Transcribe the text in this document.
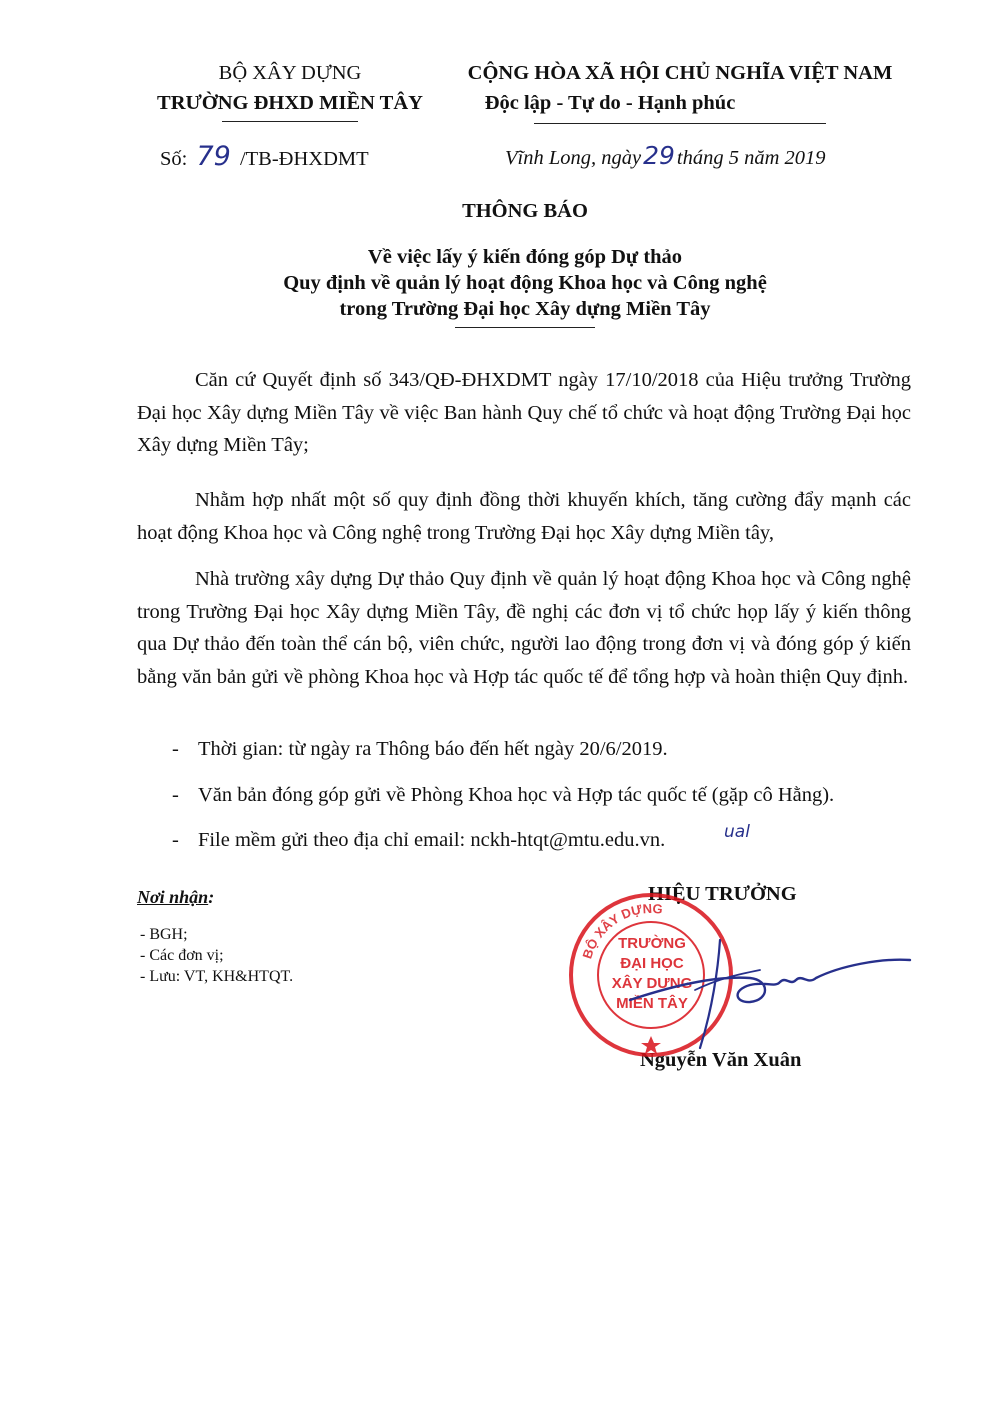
BỘ XÂY DỰNG
TRƯỜNG ĐHXD MIỀN TÂY
Số: 79 /TB-ĐHXDMT
CỘNG HÒA XÃ HỘI CHỦ NGHĨA VIỆT NAM
Độc lập - Tự do - Hạnh phúc
Vĩnh Long, ngày29tháng 5 năm 2019
THÔNG BÁO
Về việc lấy ý kiến đóng góp Dự thảo
Quy định về quản lý hoạt động Khoa học và Công nghệ
trong Trường Đại học Xây dựng Miền Tây
Căn cứ Quyết định số 343/QĐ-ĐHXDMT ngày 17/10/2018 của Hiệu trưởng Trường Đại học Xây dựng Miền Tây về việc Ban hành Quy chế tổ chức và hoạt động Trường Đại học Xây dựng Miền Tây;
Nhằm hợp nhất một số quy định đồng thời khuyến khích, tăng cường đẩy mạnh các hoạt động Khoa học và Công nghệ trong Trường Đại học Xây dựng Miền tây,
Nhà trường xây dựng Dự thảo Quy định về quản lý hoạt động Khoa học và Công nghệ trong Trường Đại học Xây dựng Miền Tây, đề nghị các đơn vị tổ chức họp lấy ý kiến thông qua Dự thảo đến toàn thể cán bộ, viên chức, người lao động trong đơn vị và đóng góp ý kiến bằng văn bản gửi về phòng Khoa học và Hợp tác quốc tế để tổng hợp và hoàn thiện Quy định.
- Thời gian: từ ngày ra Thông báo đến hết ngày 20/6/2019.
- Văn bản đóng góp gửi về Phòng Khoa học và Hợp tác quốc tế (gặp cô Hằng).
- File mềm gửi theo địa chỉ email: nckh-htqt@mtu.edu.vn.	ual
Nơi nhận:
- BGH;
- Các đơn vị;
- Lưu: VT, KH&HTQT.
HIỆU TRƯỞNG
Nguyễn Văn Xuân
BỘ XÂY DỰNG
TRƯỜNG
ĐẠI HỌC
XÂY DỰNG
MIỀN TÂY
